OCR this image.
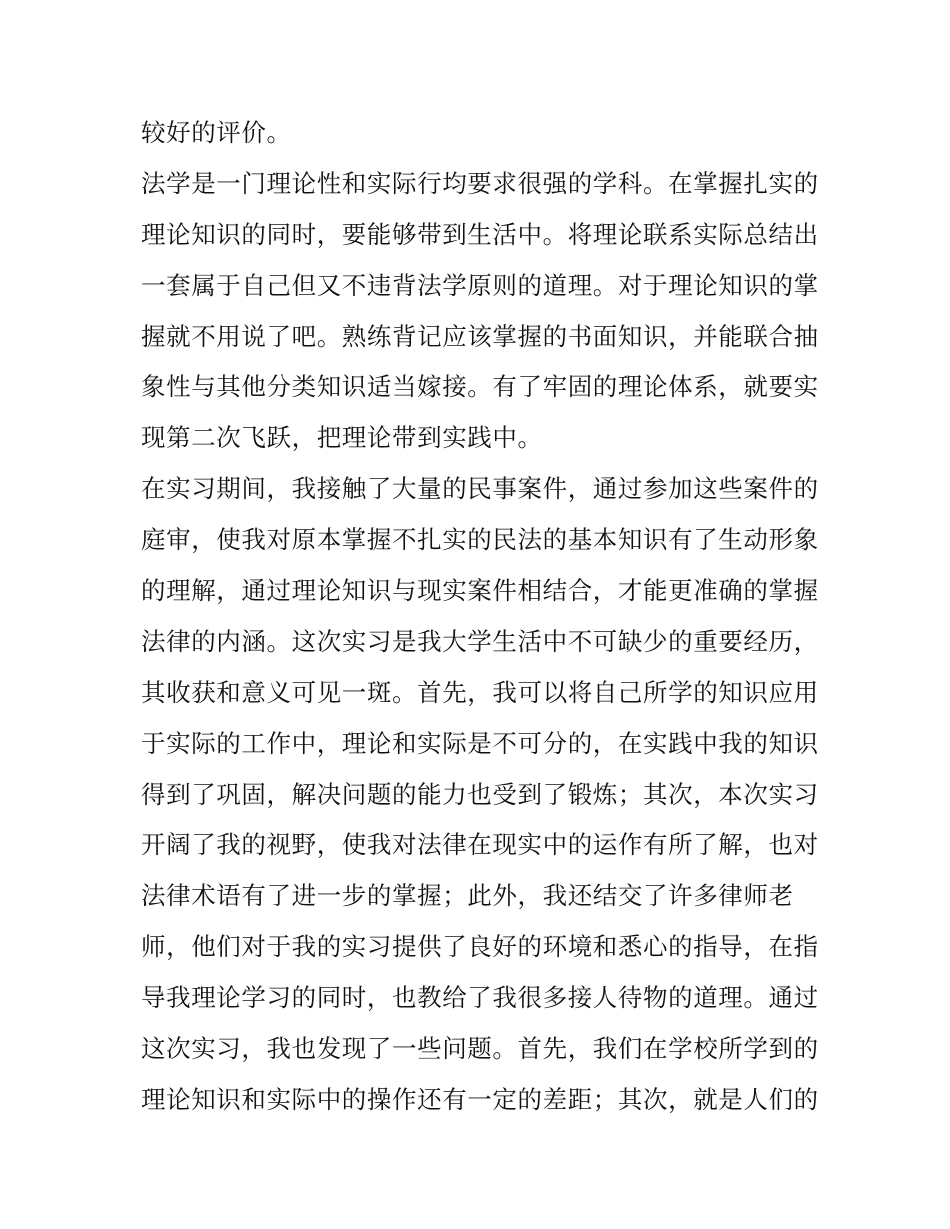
较好的评价。
法学是一门理论性和实际行均要求很强的学科。在掌握扎实的
理论知识的同时，要能够带到生活中。将理论联系实际总结出
一套属于自己但又不违背法学原则的道理。对于理论知识的掌
握就不用说了吧。熟练背记应该掌握的书面知识，并能联合抽
象性与其他分类知识适当嫁接。有了牢固的理论体系，就要实
现第二次飞跃，把理论带到实践中。
在实习期间，我接触了大量的民事案件，通过参加这些案件的
庭审，使我对原本掌握不扎实的民法的基本知识有了生动形象
的理解，通过理论知识与现实案件相结合，才能更准确的掌握
法律的内涵。这次实习是我大学生活中不可缺少的重要经历，
其收获和意义可见一斑。首先，我可以将自己所学的知识应用
于实际的工作中，理论和实际是不可分的，在实践中我的知识
得到了巩固，解决问题的能力也受到了锻炼；其次，本次实习
开阔了我的视野，使我对法律在现实中的运作有所了解，也对
法律术语有了进一步的掌握；此外，我还结交了许多律师老
师，他们对于我的实习提供了良好的环境和悉心的指导，在指
导我理论学习的同时，也教给了我很多接人待物的道理。通过
这次实习，我也发现了一些问题。首先，我们在学校所学到的
理论知识和实际中的操作还有一定的差距；其次，就是人们的
